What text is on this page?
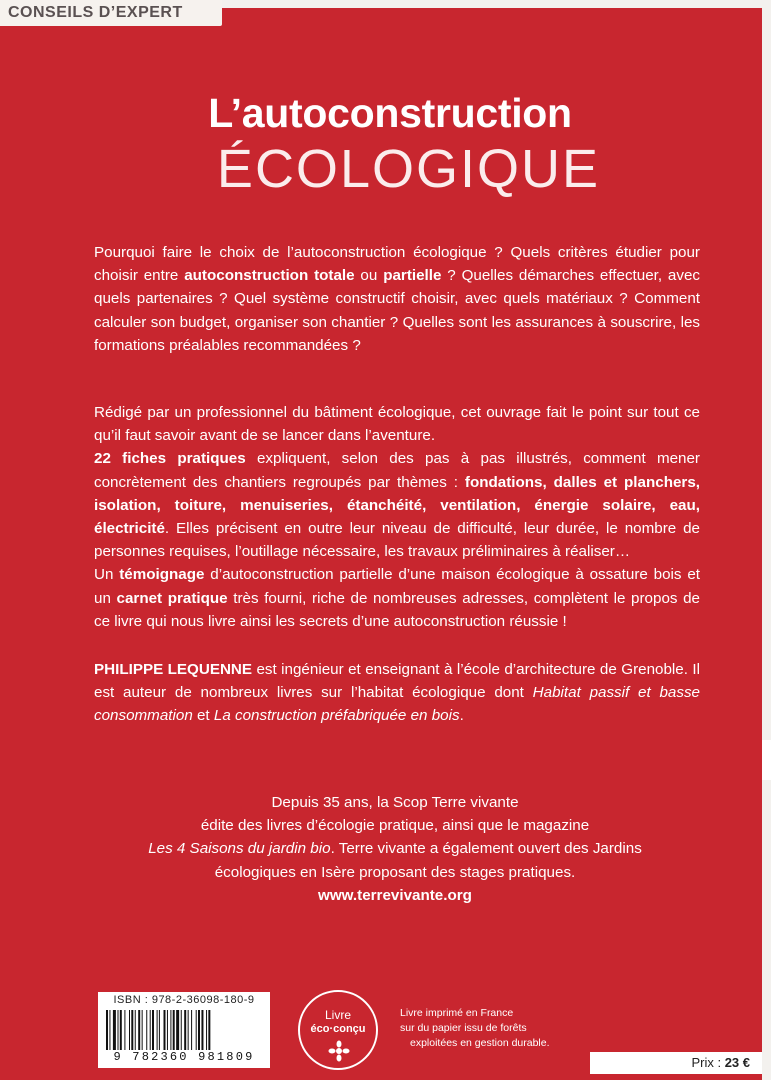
L’autoconstruction
ÉCOLOGIQUE
Pourquoi faire le choix de l’autoconstruction écologique ? Quels critères étudier pour choisir entre autoconstruction totale ou partielle ? Quelles démarches effectuer, avec quels partenaires ? Quel système constructif choisir, avec quels matériaux ? Comment calculer son budget, organiser son chantier ? Quelles sont les assurances à souscrire, les formations préalables recommandées ?
Rédigé par un professionnel du bâtiment écologique, cet ouvrage fait le point sur tout ce qu’il faut savoir avant de se lancer dans l’aventure.
22 fiches pratiques expliquent, selon des pas à pas illustrés, comment mener concrètement des chantiers regroupés par thèmes : fondations, dalles et planchers, isolation, toiture, menuiseries, étanchéité, ventilation, énergie solaire, eau, électricité. Elles précisent en outre leur niveau de difficulté, leur durée, le nombre de personnes requises, l’outillage nécessaire, les travaux préliminaires à réaliser…
Un témoignage d’autoconstruction partielle d’une maison écologique à ossature bois et un carnet pratique très fourni, riche de nombreuses adresses, complètent le propos de ce livre qui nous livre ainsi les secrets d’une autoconstruction réussie !
PHILIPPE LEQUENNE est ingénieur et enseignant à l’école d’architecture de Grenoble. Il est auteur de nombreux livres sur l’habitat écologique dont Habitat passif et basse consommation et La construction préfabriquée en bois.
Depuis 35 ans, la Scop Terre vivante
édite des livres d’écologie pratique, ainsi que le magazine
Les 4 Saisons du jardin bio. Terre vivante a également ouvert des Jardins
écologiques en Isère proposant des stages pratiques.
www.terrevivante.org
CONSEILS D’EXPERT
ISBN : 978-2-36098-180-9
9 782360 981809
Livre
éco·conçu
Livre imprimé en France
sur du papier issu de forêts
exploitées en gestion durable.
Prix : 23 €
